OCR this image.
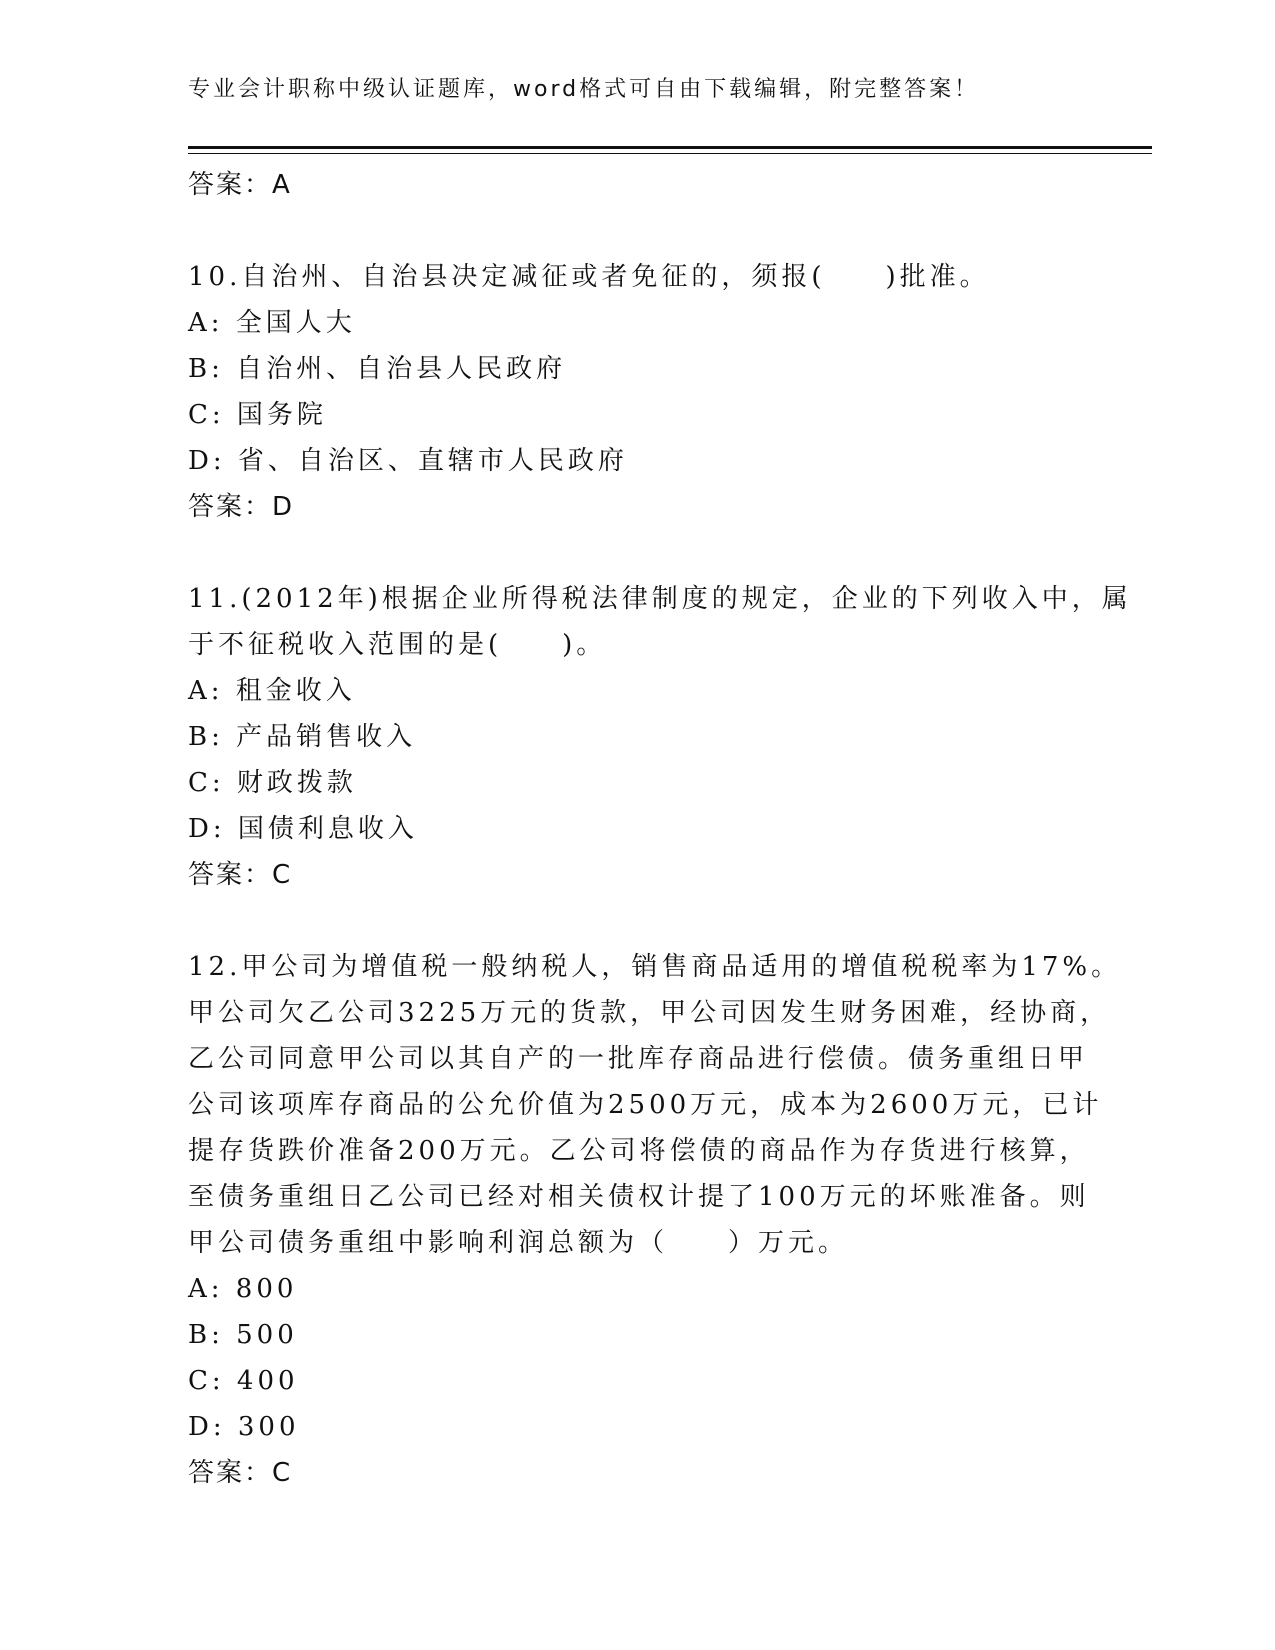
专业会计职称中级认证题库，word格式可自由下载编辑，附完整答案！
答案：A
10.自治州、自治县决定减征或者免征的，须报(　　)批准。
A: 全国人大
B: 自治州、自治县人民政府
C: 国务院
D: 省、自治区、直辖市人民政府
答案：D
11.(2012年)根据企业所得税法律制度的规定，企业的下列收入中，属
于不征税收入范围的是(　　)。
A: 租金收入
B: 产品销售收入
C: 财政拨款
D: 国债利息收入
答案：C
12.甲公司为增值税一般纳税人，销售商品适用的增值税税率为17%。
甲公司欠乙公司3225万元的货款，甲公司因发生财务困难，经协商，
乙公司同意甲公司以其自产的一批库存商品进行偿债。债务重组日甲
公司该项库存商品的公允价值为2500万元，成本为2600万元，已计
提存货跌价准备200万元。乙公司将偿债的商品作为存货进行核算，
至债务重组日乙公司已经对相关债权计提了100万元的坏账准备。则
甲公司债务重组中影响利润总额为（　　）万元。
A: 800
B: 500
C: 400
D: 300
答案：C
